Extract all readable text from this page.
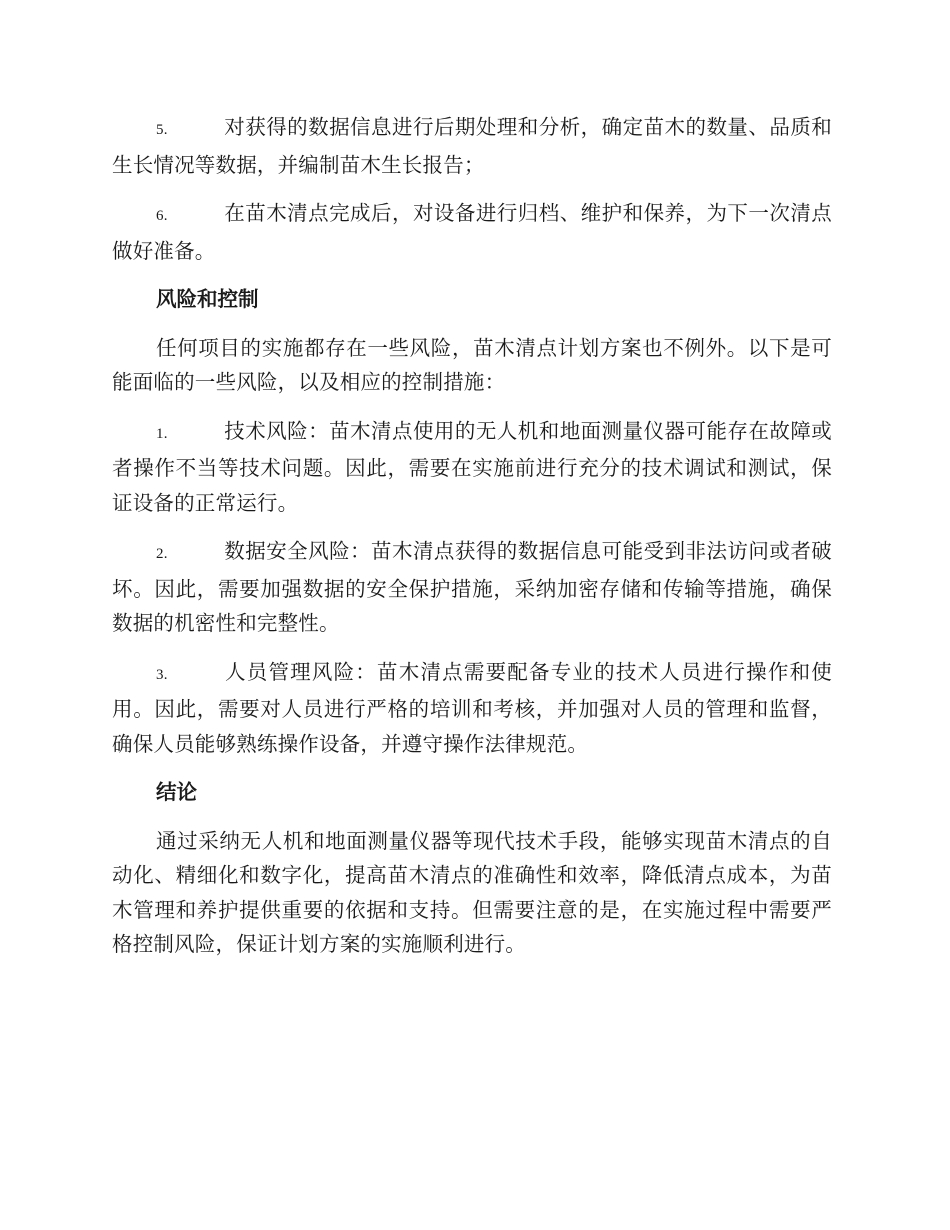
5.	对获得的数据信息进行后期处理和分析，确定苗木的数量、品质和生长情况等数据，并编制苗木生长报告；

6.	在苗木清点完成后，对设备进行归档、维护和保养，为下一次清点做好准备。

风险和控制

任何项目的实施都存在一些风险，苗木清点计划方案也不例外。以下是可能面临的一些风险，以及相应的控制措施：

1.	技术风险：苗木清点使用的无人机和地面测量仪器可能存在故障或者操作不当等技术问题。因此，需要在实施前进行充分的技术调试和测试，保证设备的正常运行。

2.	数据安全风险：苗木清点获得的数据信息可能受到非法访问或者破坏。因此，需要加强数据的安全保护措施，采纳加密存储和传输等措施，确保数据的机密性和完整性。

3.	人员管理风险：苗木清点需要配备专业的技术人员进行操作和使用。因此，需要对人员进行严格的培训和考核，并加强对人员的管理和监督，确保人员能够熟练操作设备，并遵守操作法律规范。

结论

通过采纳无人机和地面测量仪器等现代技术手段，能够实现苗木清点的自动化、精细化和数字化，提高苗木清点的准确性和效率，降低清点成本，为苗木管理和养护提供重要的依据和支持。但需要注意的是，在实施过程中需要严格控制风险，保证计划方案的实施顺利进行。
